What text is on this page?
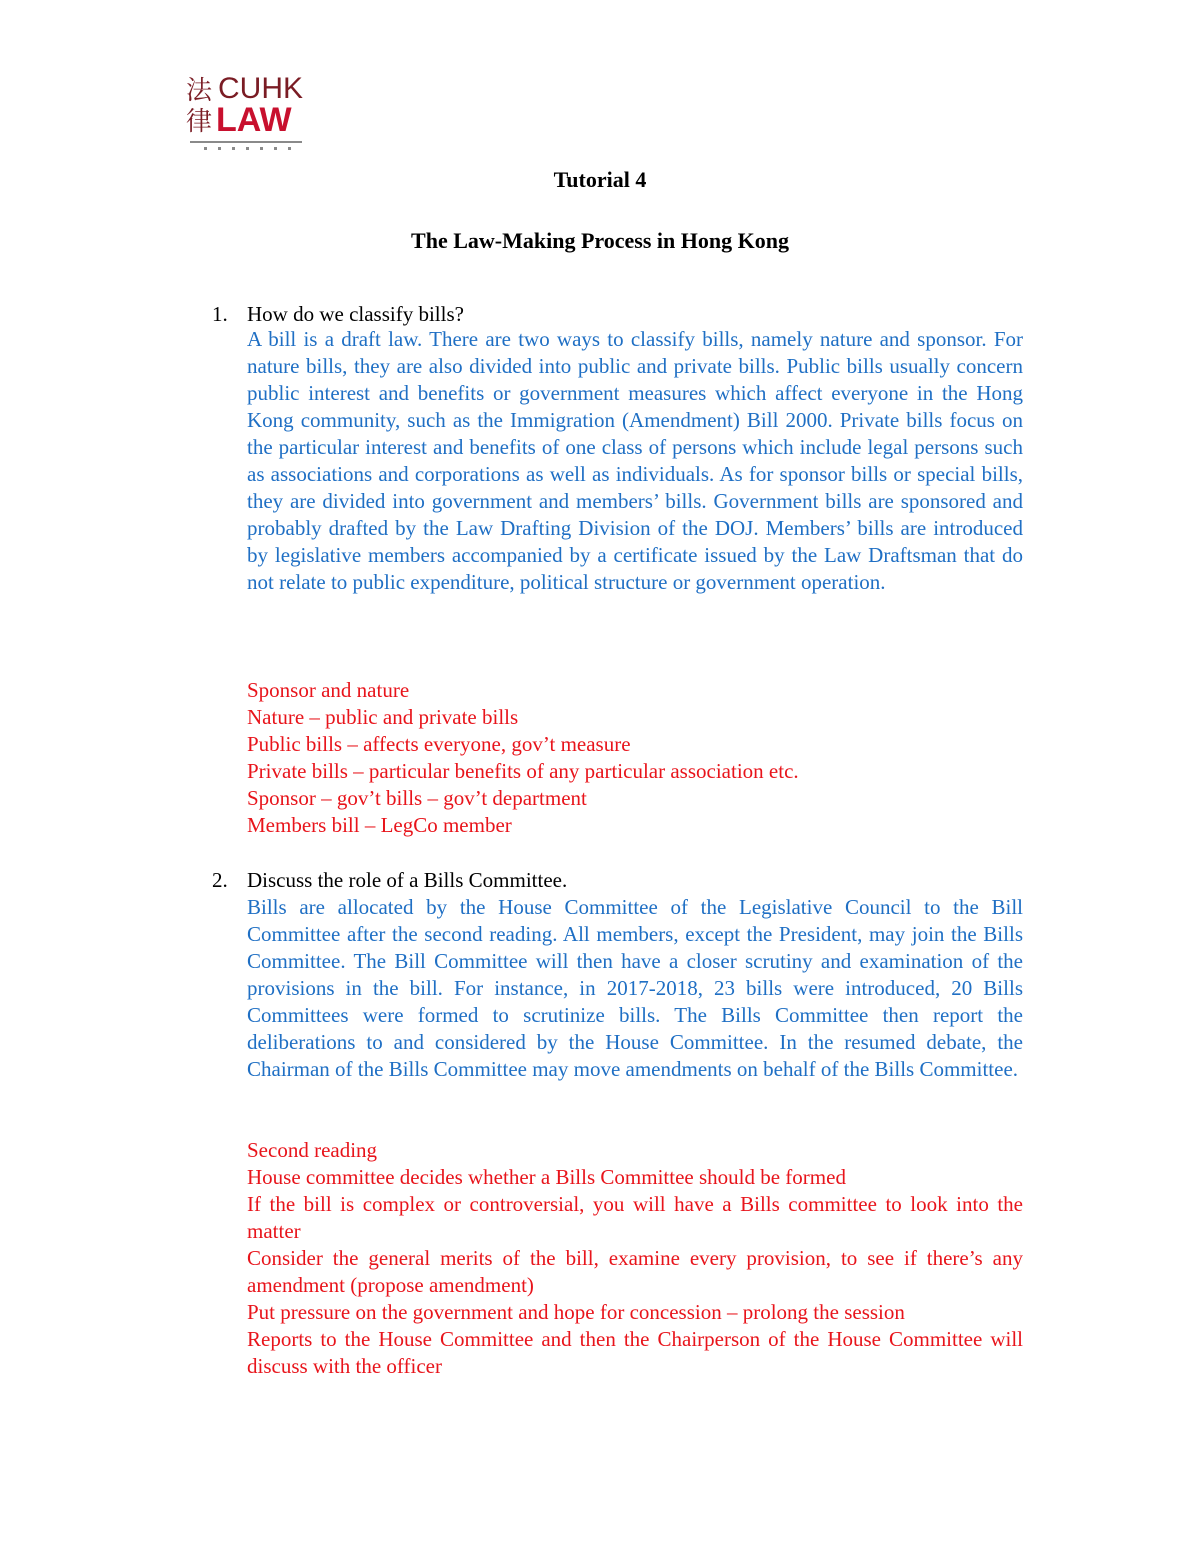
法
律
CUHK
LAW
Tutorial 4
The Law-Making Process in Hong Kong
1. How do we classify bills?
A bill is a draft law. There are two ways to classify bills, namely nature and sponsor. For nature bills, they are also divided into public and private bills. Public bills usually concern public interest and benefits or government measures which affect everyone in the Hong Kong community, such as the Immigration (Amendment) Bill 2000. Private bills focus on the particular interest and benefits of one class of persons which include legal persons such as associations and corporations as well as individuals. As for sponsor bills or special bills, they are divided into government and members’ bills. Government bills are sponsored and probably drafted by the Law Drafting Division of the DOJ. Members’ bills are introduced by legislative members accompanied by a certificate issued by the Law Draftsman that do not relate to public expenditure, political structure or government operation.
Sponsor and nature
Nature – public and private bills
Public bills – affects everyone, gov’t measure
Private bills – particular benefits of any particular association etc.
Sponsor – gov’t bills – gov’t department
Members bill – LegCo member
2. Discuss the role of a Bills Committee.
Bills are allocated by the House Committee of the Legislative Council to the Bill Committee after the second reading. All members, except the President, may join the Bills Committee. The Bill Committee will then have a closer scrutiny and examination of the provisions in the bill. For instance, in 2017-2018, 23 bills were introduced, 20 Bills Committees were formed to scrutinize bills. The Bills Committee then report the deliberations to and considered by the House Committee. In the resumed debate, the Chairman of the Bills Committee may move amendments on behalf of the Bills Committee.
Second reading
House committee decides whether a Bills Committee should be formed
If the bill is complex or controversial, you will have a Bills committee to look into the matter
Consider the general merits of the bill, examine every provision, to see if there’s any amendment (propose amendment)
Put pressure on the government and hope for concession – prolong the session
Reports to the House Committee and then the Chairperson of the House Committee will discuss with the officer
